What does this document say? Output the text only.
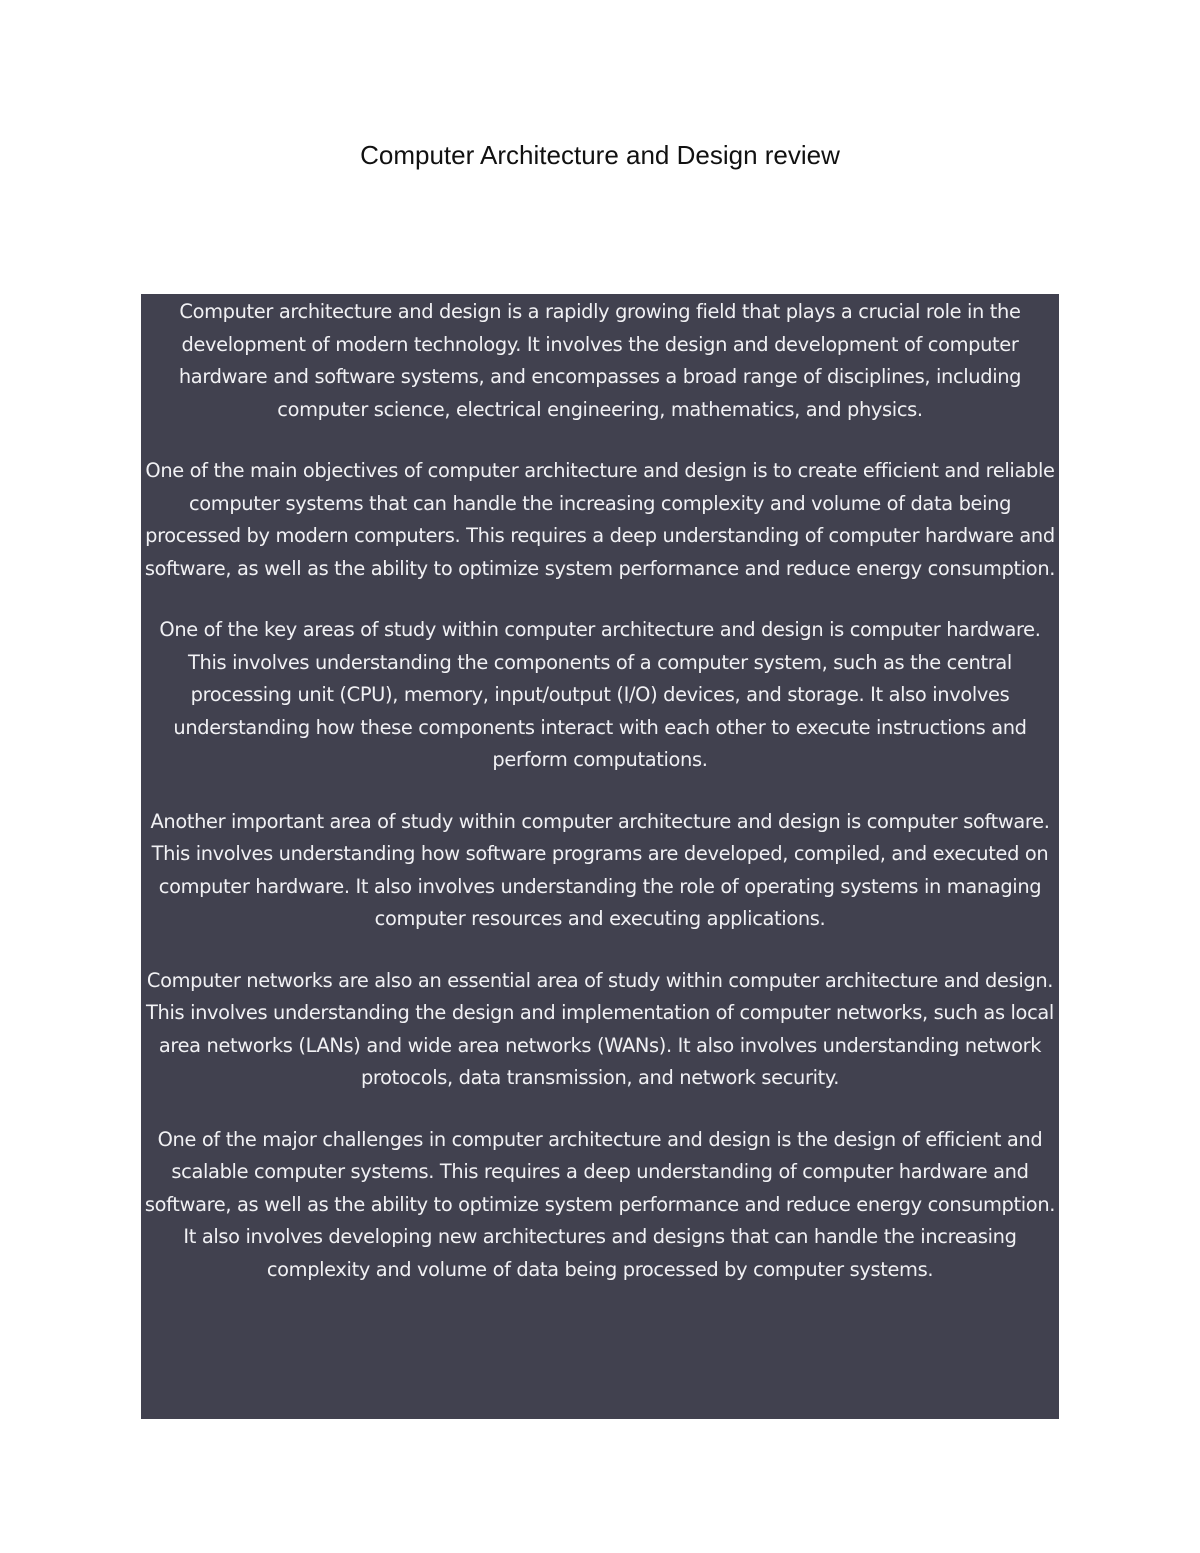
Computer Architecture and Design review

Computer architecture and design is a rapidly growing field that plays a crucial role in the development of modern technology. It involves the design and development of computer hardware and software systems, and encompasses a broad range of disciplines, including computer science, electrical engineering, mathematics, and physics.

One of the main objectives of computer architecture and design is to create efficient and reliable computer systems that can handle the increasing complexity and volume of data being processed by modern computers. This requires a deep understanding of computer hardware and software, as well as the ability to optimize system performance and reduce energy consumption.

One of the key areas of study within computer architecture and design is computer hardware. This involves understanding the components of a computer system, such as the central processing unit (CPU), memory, input/output (I/O) devices, and storage. It also involves understanding how these components interact with each other to execute instructions and perform computations.

Another important area of study within computer architecture and design is computer software. This involves understanding how software programs are developed, compiled, and executed on computer hardware. It also involves understanding the role of operating systems in managing computer resources and executing applications.

Computer networks are also an essential area of study within computer architecture and design. This involves understanding the design and implementation of computer networks, such as local area networks (LANs) and wide area networks (WANs). It also involves understanding network protocols, data transmission, and network security.

One of the major challenges in computer architecture and design is the design of efficient and scalable computer systems. This requires a deep understanding of computer hardware and software, as well as the ability to optimize system performance and reduce energy consumption. It also involves developing new architectures and designs that can handle the increasing complexity and volume of data being processed by computer systems.
